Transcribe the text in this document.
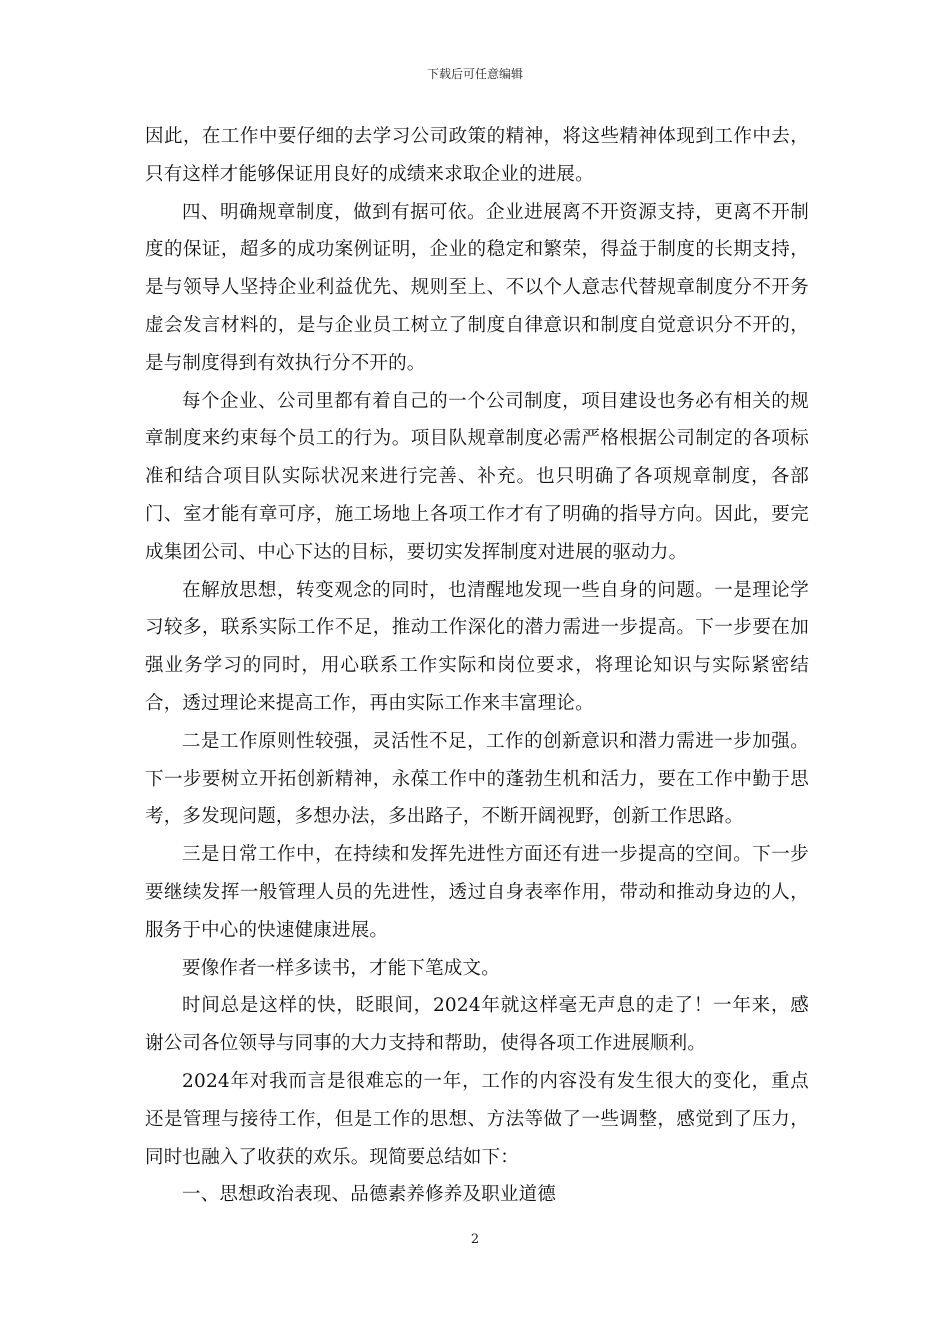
下载后可任意编辑

因此，在工作中要仔细的去学习公司政策的精神，将这些精神体现到工作中去，只有这样才能够保证用良好的成绩来求取企业的进展。

四、明确规章制度，做到有据可依。企业进展离不开资源支持，更离不开制度的保证，超多的成功案例证明，企业的稳定和繁荣，得益于制度的长期支持，是与领导人坚持企业利益优先、规则至上、不以个人意志代替规章制度分不开务虚会发言材料的，是与企业员工树立了制度自律意识和制度自觉意识分不开的，是与制度得到有效执行分不开的。

每个企业、公司里都有着自己的一个公司制度，项目建设也务必有相关的规章制度来约束每个员工的行为。项目队规章制度必需严格根据公司制定的各项标准和结合项目队实际状况来进行完善、补充。也只明确了各项规章制度，各部门、室才能有章可序，施工场地上各项工作才有了明确的指导方向。因此，要完成集团公司、中心下达的目标，要切实发挥制度对进展的驱动力。

在解放思想，转变观念的同时，也清醒地发现一些自身的问题。一是理论学习较多，联系实际工作不足，推动工作深化的潜力需进一步提高。下一步要在加强业务学习的同时，用心联系工作实际和岗位要求，将理论知识与实际紧密结合，透过理论来提高工作，再由实际工作来丰富理论。

二是工作原则性较强，灵活性不足，工作的创新意识和潜力需进一步加强。下一步要树立开拓创新精神，永葆工作中的蓬勃生机和活力，要在工作中勤于思考，多发现问题，多想办法，多出路子，不断开阔视野，创新工作思路。

三是日常工作中，在持续和发挥先进性方面还有进一步提高的空间。下一步要继续发挥一般管理人员的先进性，透过自身表率作用，带动和推动身边的人，服务于中心的快速健康进展。

要像作者一样多读书，才能下笔成文。

时间总是这样的快，眨眼间，2024年就这样毫无声息的走了！一年来，感谢公司各位领导与同事的大力支持和帮助，使得各项工作进展顺利。

2024年对我而言是很难忘的一年，工作的内容没有发生很大的变化，重点还是管理与接待工作，但是工作的思想、方法等做了一些调整，感觉到了压力，同时也融入了收获的欢乐。现简要总结如下：

一、思想政治表现、品德素养修养及职业道德

2
